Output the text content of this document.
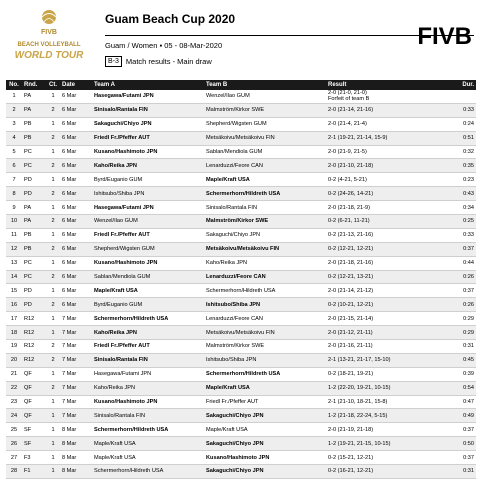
FIVB
BEACH VOLLEYBALL
WORLD TOUR
Guam Beach Cup 2020
Guam / Women ▪ 05 - 08-Mar-2020
B-3 Match results - Main draw
FIVB
No.	Rnd.	Ct.	Date	Team A	Team B	Result	Dur.
1	PA	1	6 Mar	Hasegawa/Futami JPN	Wenzel/Ilao GUM	2-0 (21-0, 21-0)
Forfeit of team B	

2	PA	2	6 Mar	Sinisalo/Rantala FIN	Malmström/Kirkor SWE	2-0 (21-14, 21-16)	0:33
3	PB	1	6 Mar	Sakaguchi/Chiyo JPN	Shepherd/Wigsten GUM	2-0 (21-4, 21-4)	0:24
4	PB	2	6 Mar	Friedl Fr./Pfeffer AUT	Metsäkoivu/Metsäkoivu FIN	2-1 (19-21, 21-14, 15-9)	0:51
5	PC	1	6 Mar	Kusano/Hashimoto JPN	Sablan/Mendiola GUM	2-0 (21-9, 21-5)	0:32
6	PC	2	6 Mar	Kaho/Reika JPN	Lenarduzzi/Feore CAN	2-0 (21-10, 21-18)	0:35
7	PD	1	6 Mar	Byrd/Euganio GUM	Maple/Kraft USA	0-2 (4-21, 5-21)	0:23
8	PD	2	6 Mar	Ishitsubo/Shiba JPN	Schermerhorn/Hildreth USA	0-2 (24-26, 14-21)	0:43
9	PA	1	6 Mar	Hasegawa/Futami JPN	Sinisalo/Rantala FIN	2-0 (21-18, 21-9)	0:34
10	PA	2	6 Mar	Wenzel/Ilao GUM	Malmström/Kirkor SWE	0-2 (6-21, 11-21)	0:25
11	PB	1	6 Mar	Friedl Fr./Pfeffer AUT	Sakaguchi/Chiyo JPN	0-2 (21-13, 21-16)	0:33
12	PB	2	6 Mar	Shepherd/Wigsten GUM	Metsäkoivu/Metsäkoivu FIN	0-2 (12-21, 12-21)	0:37
13	PC	1	6 Mar	Kusano/Hashimoto JPN	Kaho/Reika JPN	2-0 (21-18, 21-16)	0:44
14	PC	2	6 Mar	Sablan/Mendiola GUM	Lenarduzzi/Feore CAN	0-2 (12-21, 13-21)	0:26
15	PD	1	6 Mar	Maple/Kraft USA	Schermerhorn/Hildreth USA	2-0 (21-14, 21-12)	0:37
16	PD	2	6 Mar	Byrd/Euganio GUM	Ishitsubo/Shiba JPN	0-2 (10-21, 12-21)	0:26
17	R12	1	7 Mar	Schermerhorn/Hildreth USA	Lenarduzzi/Feore CAN	2-0 (21-15, 21-14)	0:29
18	R12	1	7 Mar	Kaho/Reika JPN	Metsäkoivu/Metsäkoivu FIN	2-0 (21-12, 21-11)	0:29
19	R12	2	7 Mar	Friedl Fr./Pfeffer AUT	Malmström/Kirkor SWE	2-0 (21-16, 21-11)	0:31
20	R12	2	7 Mar	Sinisalo/Rantala FIN	Ishitsubo/Shiba JPN	2-1 (13-21, 21-17, 15-10)	0:45
21	QF	1	7 Mar	Hasegawa/Futami JPN	Schermerhorn/Hildreth USA	0-2 (18-21, 19-21)	0:39
22	QF	2	7 Mar	Kaho/Reika JPN	Maple/Kraft USA	1-2 (22-20, 19-21, 10-15)	0:54
23	QF	1	7 Mar	Kusano/Hashimoto JPN	Friedl Fr./Pfeffer AUT	2-1 (21-10, 18-21, 15-8)	0:47
24	QF	1	7 Mar	Sinisalo/Rantala FIN	Sakaguchi/Chiyo JPN	1-2 (21-18, 22-24, 5-15)	0:49
25	SF	1	8 Mar	Schermerhorn/Hildreth USA	Maple/Kraft USA	2-0 (21-19, 21-18)	0:37
26	SF	1	8 Mar	Maple/Kraft USA	Sakaguchi/Chiyo JPN	1-2 (19-21, 21-15, 10-15)	0:50
27	F3	1	8 Mar	Maple/Kraft USA	Kusano/Hashimoto JPN	0-2 (15-21, 12-21)	0:37
28	F1	1	8 Mar	Schermerhorn/Hildreth USA	Sakaguchi/Chiyo JPN	0-2 (16-21, 12-21)	0:31
